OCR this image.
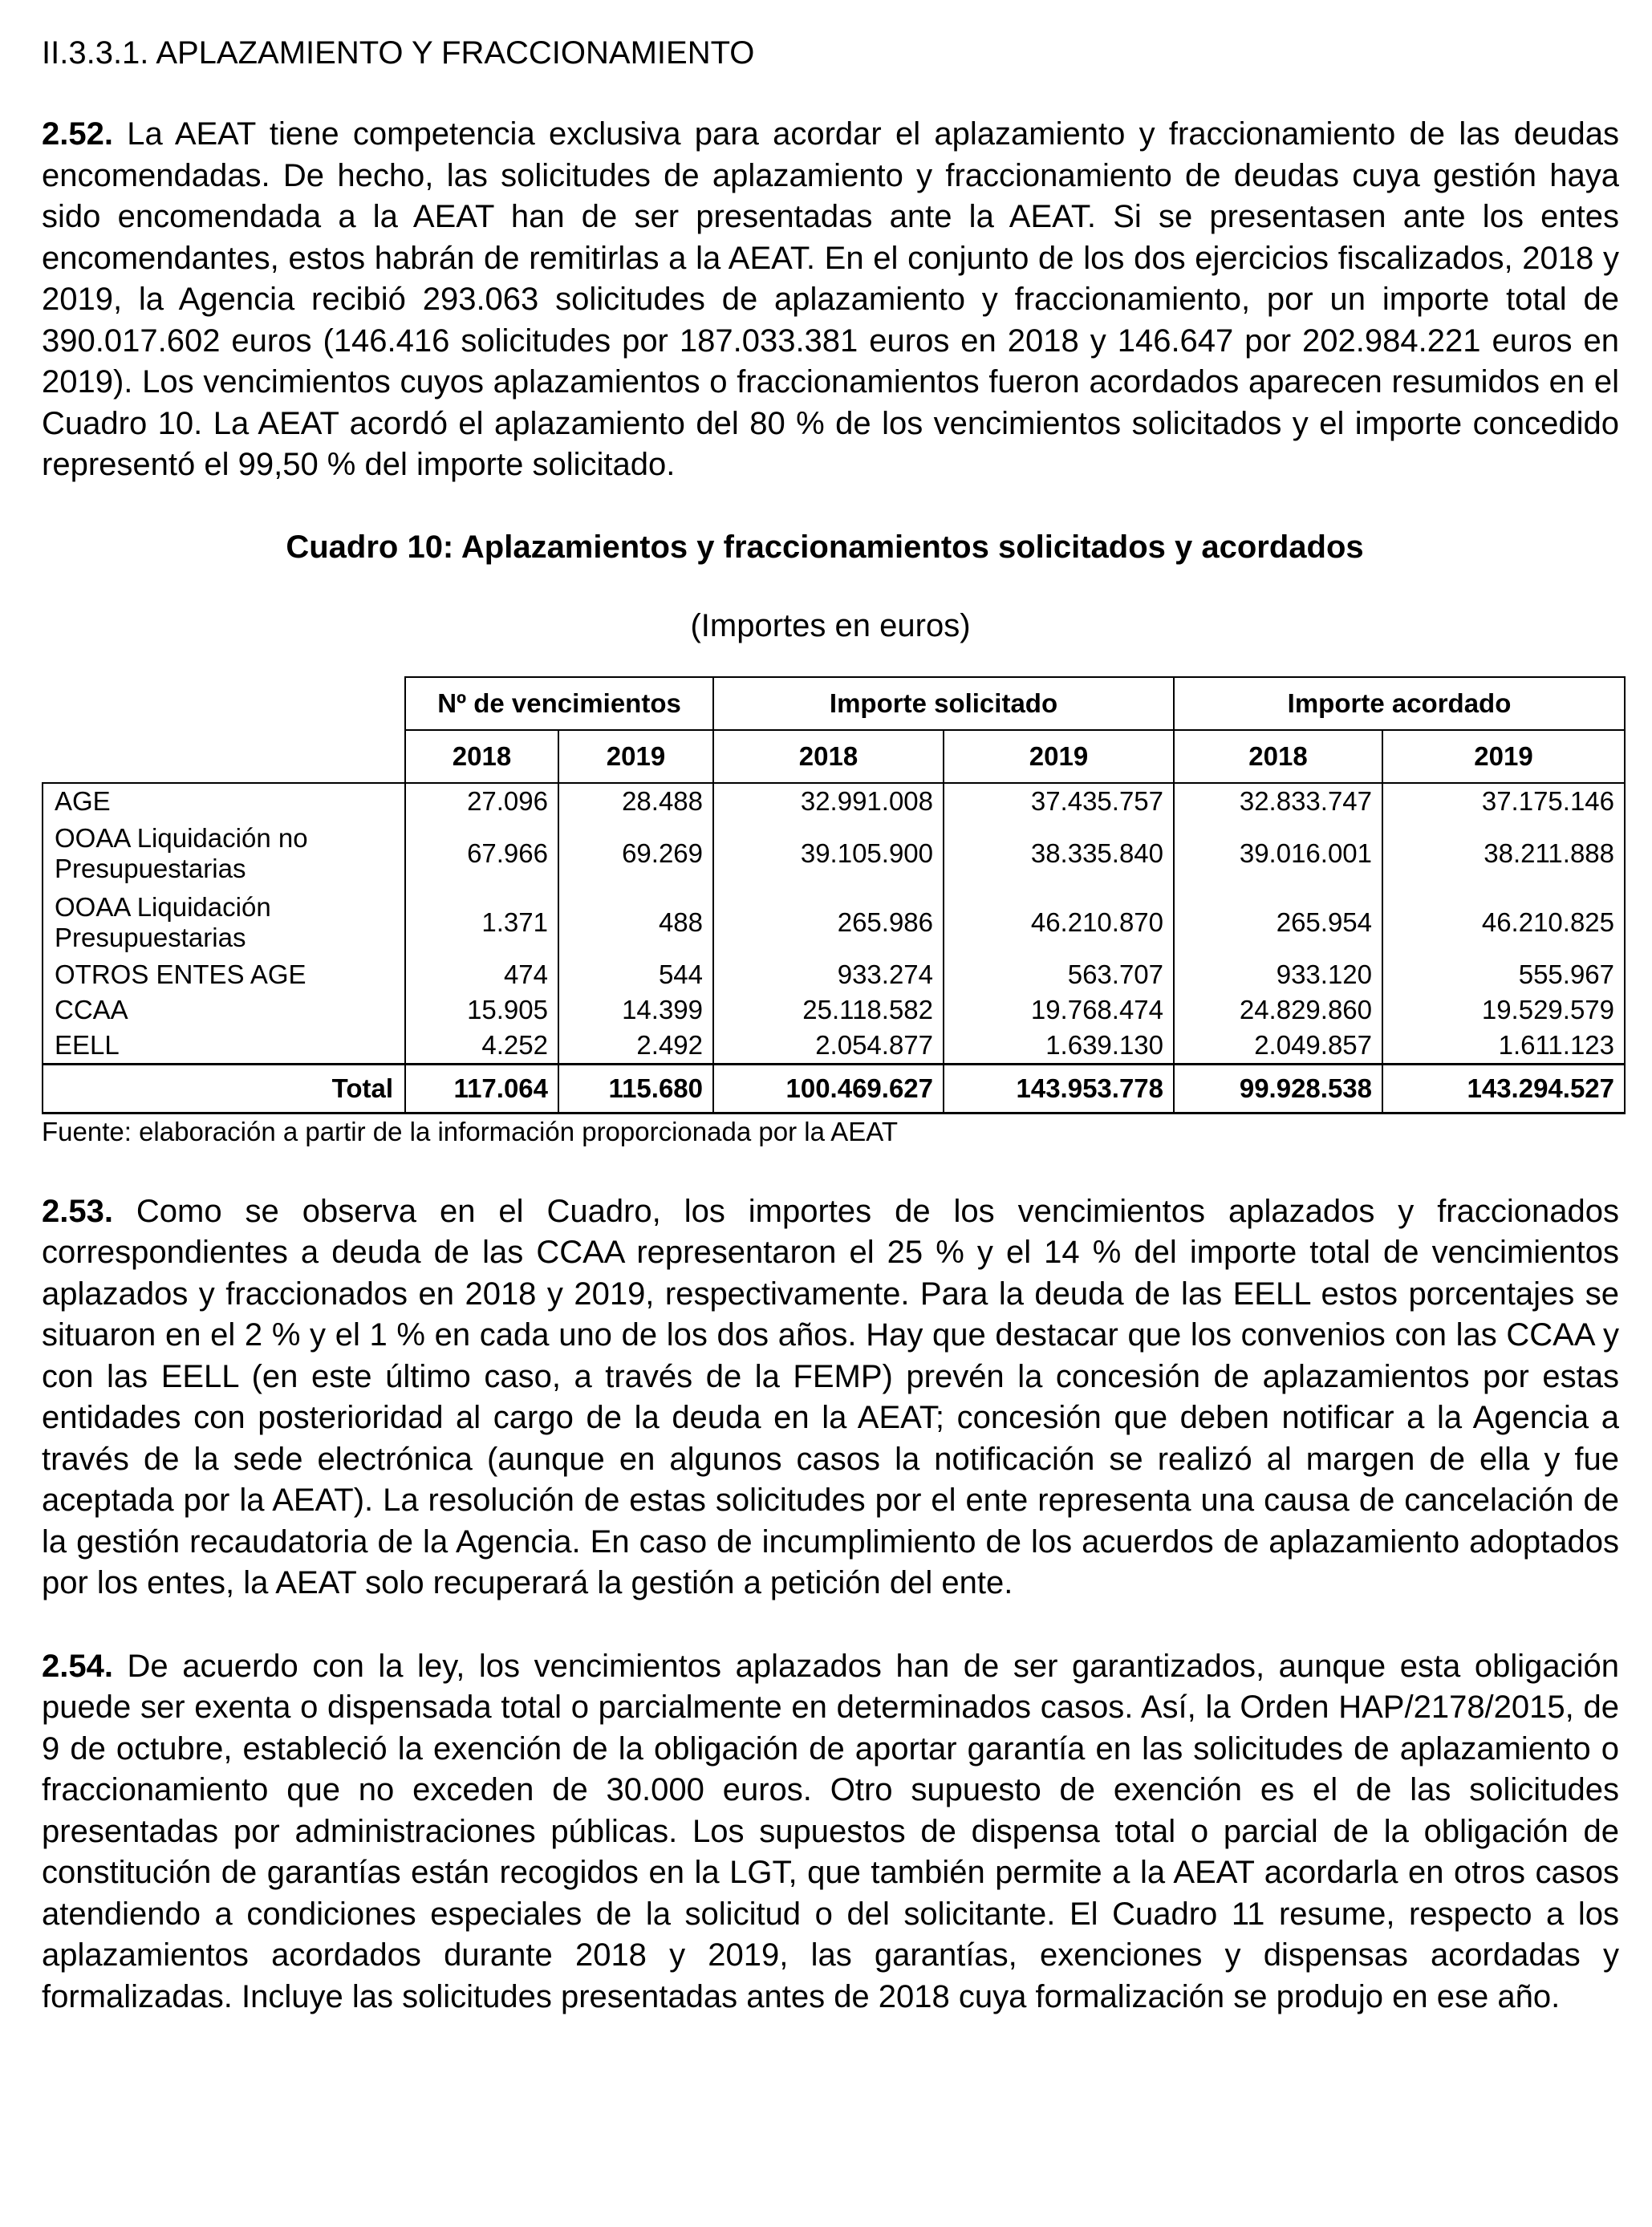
II.3.3.1. APLAZAMIENTO Y FRACCIONAMIENTO

2.52. La AEAT tiene competencia exclusiva para acordar el aplazamiento y fraccionamiento de las deudas encomendadas. De hecho, las solicitudes de aplazamiento y fraccionamiento de deudas cuya gestión haya sido encomendada a la AEAT han de ser presentadas ante la AEAT. Si se presentasen ante los entes encomendantes, estos habrán de remitirlas a la AEAT. En el conjunto de los dos ejercicios fiscalizados, 2018 y 2019, la Agencia recibió 293.063 solicitudes de aplazamiento y fraccionamiento, por un importe total de 390.017.602 euros (146.416 solicitudes por 187.033.381 euros en 2018 y 146.647 por 202.984.221 euros en 2019). Los vencimientos cuyos aplazamientos o fraccionamientos fueron acordados aparecen resumidos en el Cuadro 10. La AEAT acordó el aplazamiento del 80 % de los vencimientos solicitados y el importe concedido representó el 99,50 % del importe solicitado.

Cuadro 10: Aplazamientos y fraccionamientos solicitados y acordados
(Importes en euros)
	Nº de vencimientos		Importe solicitado		Importe acordado	
	2018	2019	2018	2019	2018	2019
AGE	27.096	28.488	32.991.008	37.435.757	32.833.747	37.175.146
OOAA Liquidación no Presupuestarias	67.966	69.269	39.105.900	38.335.840	39.016.001	38.211.888
OOAA Liquidación Presupuestarias	1.371	488	265.986	46.210.870	265.954	46.210.825
OTROS ENTES AGE	474	544	933.274	563.707	933.120	555.967
CCAA	15.905	14.399	25.118.582	19.768.474	24.829.860	19.529.579
EELL	4.252	2.492	2.054.877	1.639.130	2.049.857	1.611.123
Total	117.064	115.680	100.469.627	143.953.778	99.928.538	143.294.527
Fuente: elaboración a partir de la información proporcionada por la AEAT

2.53. Como se observa en el Cuadro, los importes de los vencimientos aplazados y fraccionados correspondientes a deuda de las CCAA representaron el 25 % y el 14 % del importe total de vencimientos aplazados y fraccionados en 2018 y 2019, respectivamente. Para la deuda de las EELL estos porcentajes se situaron en el 2 % y el 1 % en cada uno de los dos años. Hay que destacar que los convenios con las CCAA y con las EELL (en este último caso, a través de la FEMP) prevén la concesión de aplazamientos por estas entidades con posterioridad al cargo de la deuda en la AEAT; concesión que deben notificar a la Agencia a través de la sede electrónica (aunque en algunos casos la notificación se realizó al margen de ella y fue aceptada por la AEAT). La resolución de estas solicitudes por el ente representa una causa de cancelación de la gestión recaudatoria de la Agencia. En caso de incumplimiento de los acuerdos de aplazamiento adoptados por los entes, la AEAT solo recuperará la gestión a petición del ente.

2.54. De acuerdo con la ley, los vencimientos aplazados han de ser garantizados, aunque esta obligación puede ser exenta o dispensada total o parcialmente en determinados casos. Así, la Orden HAP/2178/2015, de 9 de octubre, estableció la exención de la obligación de aportar garantía en las solicitudes de aplazamiento o fraccionamiento que no exceden de 30.000 euros. Otro supuesto de exención es el de las solicitudes presentadas por administraciones públicas. Los supuestos de dispensa total o parcial de la obligación de constitución de garantías están recogidos en la LGT, que también permite a la AEAT acordarla en otros casos atendiendo a condiciones especiales de la solicitud o del solicitante. El Cuadro 11 resume, respecto a los aplazamientos acordados durante 2018 y 2019, las garantías, exenciones y dispensas acordadas y formalizadas. Incluye las solicitudes presentadas antes de 2018 cuya formalización se produjo en ese año.
